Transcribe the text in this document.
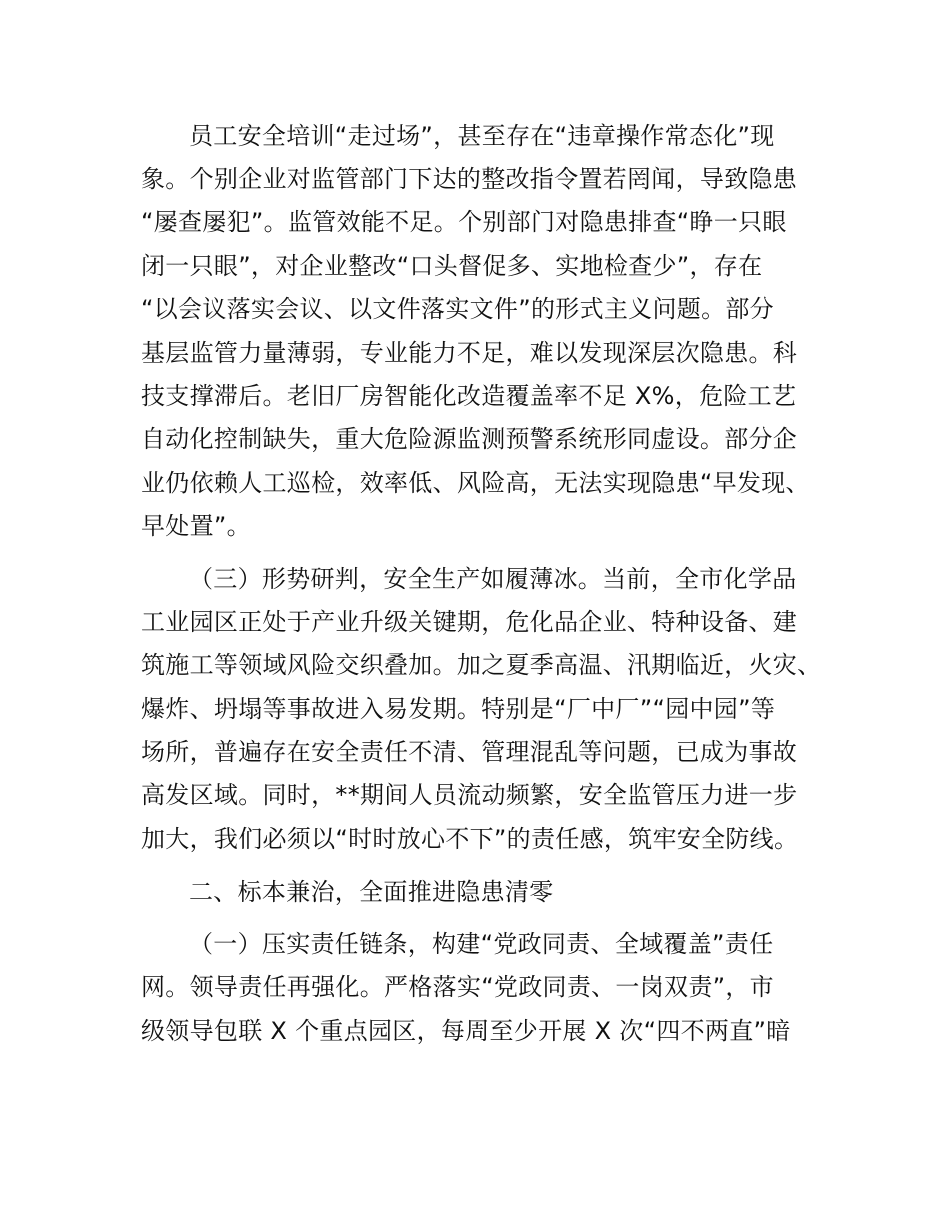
员工安全培训“走过场”，甚至存在“违章操作常态化”现

象。个别企业对监管部门下达的整改指令置若罔闻，导致隐患

“屡查屡犯”。监管效能不足。个别部门对隐患排查“睁一只眼

闭一只眼”，对企业整改“口头督促多、实地检查少”，存在

“以会议落实会议、以文件落实文件”的形式主义问题。部分

基层监管力量薄弱，专业能力不足，难以发现深层次隐患。科

技支撑滞后。老旧厂房智能化改造覆盖率不足 X%，危险工艺

自动化控制缺失，重大危险源监测预警系统形同虚设。部分企

业仍依赖人工巡检，效率低、风险高，无法实现隐患“早发现、

早处置”。

（三）形势研判，安全生产如履薄冰。当前，全市化学品

工业园区正处于产业升级关键期，危化品企业、特种设备、建

筑施工等领域风险交织叠加。加之夏季高温、汛期临近，火灾、

爆炸、坍塌等事故进入易发期。特别是“厂中厂”“园中园”等

场所，普遍存在安全责任不清、管理混乱等问题，已成为事故

高发区域。同时，**期间人员流动频繁，安全监管压力进一步

加大，我们必须以“时时放心不下”的责任感，筑牢安全防线。

二、标本兼治，全面推进隐患清零

（一）压实责任链条，构建“党政同责、全域覆盖”责任

网。领导责任再强化。严格落实“党政同责、一岗双责”，市

级领导包联 X 个重点园区，每周至少开展 X 次“四不两直”暗
